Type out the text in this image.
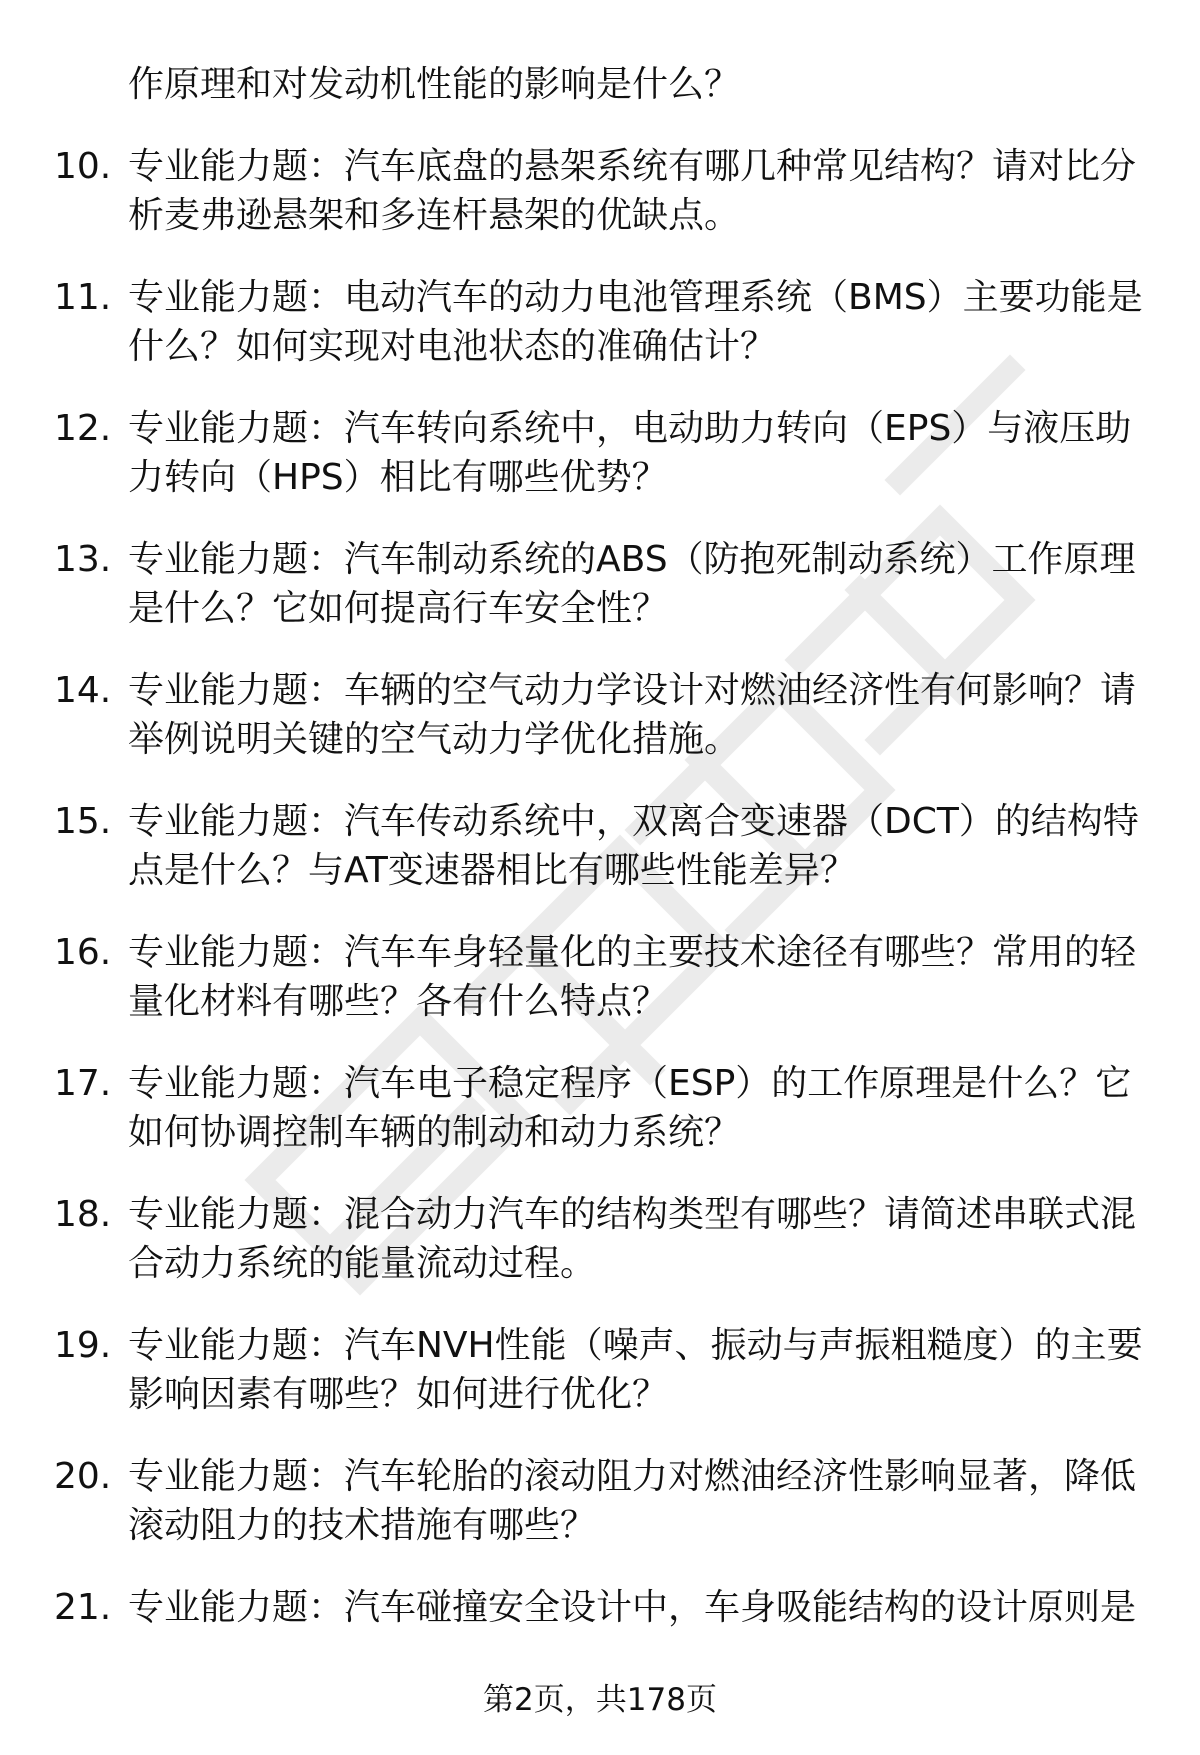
作原理和对发动机性能的影响是什么？
10. 专业能力题：汽车底盘的悬架系统有哪几种常见结构？请对比分析麦弗逊悬架和多连杆悬架的优缺点。
11. 专业能力题：电动汽车的动力电池管理系统（BMS）主要功能是什么？如何实现对电池状态的准确估计？
12. 专业能力题：汽车转向系统中，电动助力转向（EPS）与液压助力转向（HPS）相比有哪些优势？
13. 专业能力题：汽车制动系统的ABS（防抱死制动系统）工作原理是什么？它如何提高行车安全性？
14. 专业能力题：车辆的空气动力学设计对燃油经济性有何影响？请举例说明关键的空气动力学优化措施。
15. 专业能力题：汽车传动系统中，双离合变速器（DCT）的结构特点是什么？与AT变速器相比有哪些性能差异？
16. 专业能力题：汽车车身轻量化的主要技术途径有哪些？常用的轻量化材料有哪些？各有什么特点？
17. 专业能力题：汽车电子稳定程序（ESP）的工作原理是什么？它如何协调控制车辆的制动和动力系统？
18. 专业能力题：混合动力汽车的结构类型有哪些？请简述串联式混合动力系统的能量流动过程。
19. 专业能力题：汽车NVH性能（噪声、振动与声振粗糙度）的主要影响因素有哪些？如何进行优化？
20. 专业能力题：汽车轮胎的滚动阻力对燃油经济性影响显著，降低滚动阻力的技术措施有哪些？
21. 专业能力题：汽车碰撞安全设计中，车身吸能结构的设计原则是
第2页，共178页
